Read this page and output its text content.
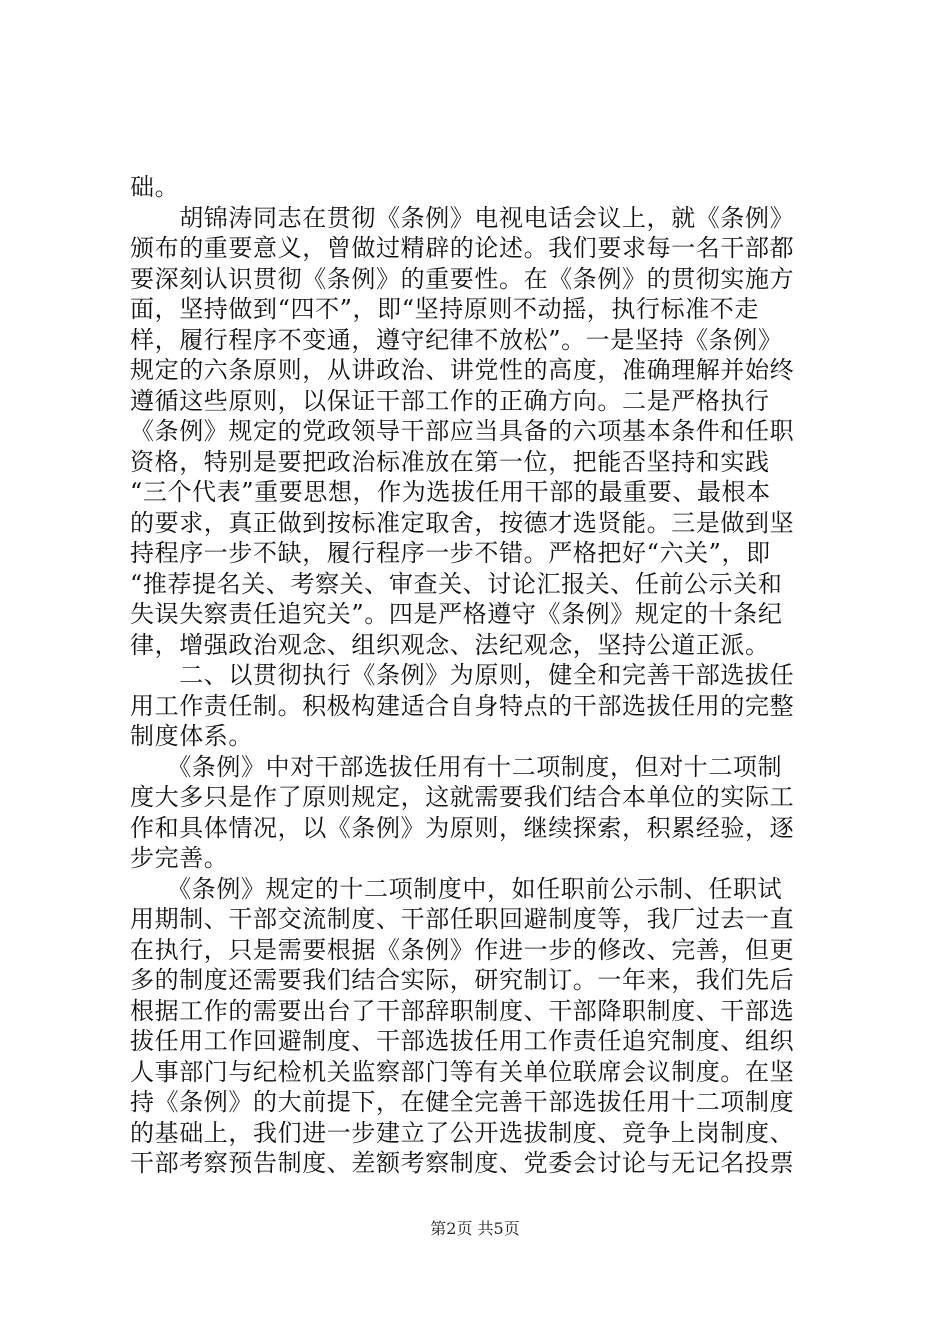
础。
　　胡锦涛同志在贯彻《条例》电视电话会议上，就《条例》
颁布的重要意义，曾做过精辟的论述。我们要求每一名干部都
要深刻认识贯彻《条例》的重要性。在《条例》的贯彻实施方
面，坚持做到“四不”，即“坚持原则不动摇，执行标准不走
样，履行程序不变通，遵守纪律不放松”。一是坚持《条例》
规定的六条原则，从讲政治、讲党性的高度，准确理解并始终
遵循这些原则，以保证干部工作的正确方向。二是严格执行
《条例》规定的党政领导干部应当具备的六项基本条件和任职
资格，特别是要把政治标准放在第一位，把能否坚持和实践
“三个代表”重要思想，作为选拔任用干部的最重要、最根本
的要求，真正做到按标准定取舍，按德才选贤能。三是做到坚
持程序一步不缺，履行程序一步不错。严格把好“六关”，即
“推荐提名关、考察关、审查关、讨论汇报关、任前公示关和
失误失察责任追究关”。四是严格遵守《条例》规定的十条纪
律，增强政治观念、组织观念、法纪观念，坚持公道正派。
　　二、以贯彻执行《条例》为原则，健全和完善干部选拔任
用工作责任制。积极构建适合自身特点的干部选拔任用的完整
制度体系。
　　《条例》中对干部选拔任用有十二项制度，但对十二项制
度大多只是作了原则规定，这就需要我们结合本单位的实际工
作和具体情况，以《条例》为原则，继续探索，积累经验，逐
步完善。
　　《条例》规定的十二项制度中，如任职前公示制、任职试
用期制、干部交流制度、干部任职回避制度等，我厂过去一直
在执行，只是需要根据《条例》作进一步的修改、完善，但更
多的制度还需要我们结合实际，研究制订。一年来，我们先后
根据工作的需要出台了干部辞职制度、干部降职制度、干部选
拔任用工作回避制度、干部选拔任用工作责任追究制度、组织
人事部门与纪检机关监察部门等有关单位联席会议制度。在坚
持《条例》的大前提下，在健全完善干部选拔任用十二项制度
的基础上，我们进一步建立了公开选拔制度、竞争上岗制度、
干部考察预告制度、差额考察制度、党委会讨论与无记名投票
第2页 共5页
